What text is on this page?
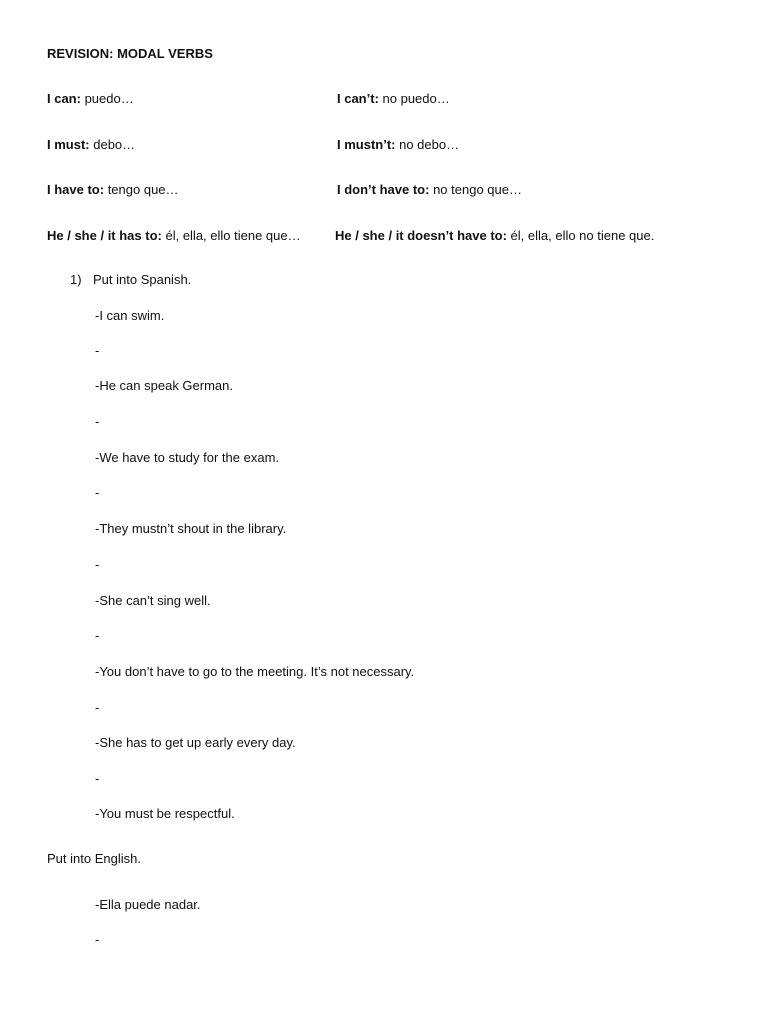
REVISION: MODAL VERBS
I can: puedo…	I can’t: no puedo…
I must: debo…	I mustn’t: no debo…
I have to: tengo que…	I don’t have to: no tengo que…
He / she / it has to: él, ella, ello tiene que…	He / she / it doesn’t have to: él, ella, ello no tiene que.
1) Put into Spanish.
-I can swim.
-
-He can speak German.
-
-We have to study for the exam.
-
-They mustn’t shout in the library.
-
-She can’t sing well.
-
-You don’t have to go to the meeting. It’s not necessary.
-
-She has to get up early every day.
-
-You must be respectful.
Put into English.
-Ella puede nadar.
-
